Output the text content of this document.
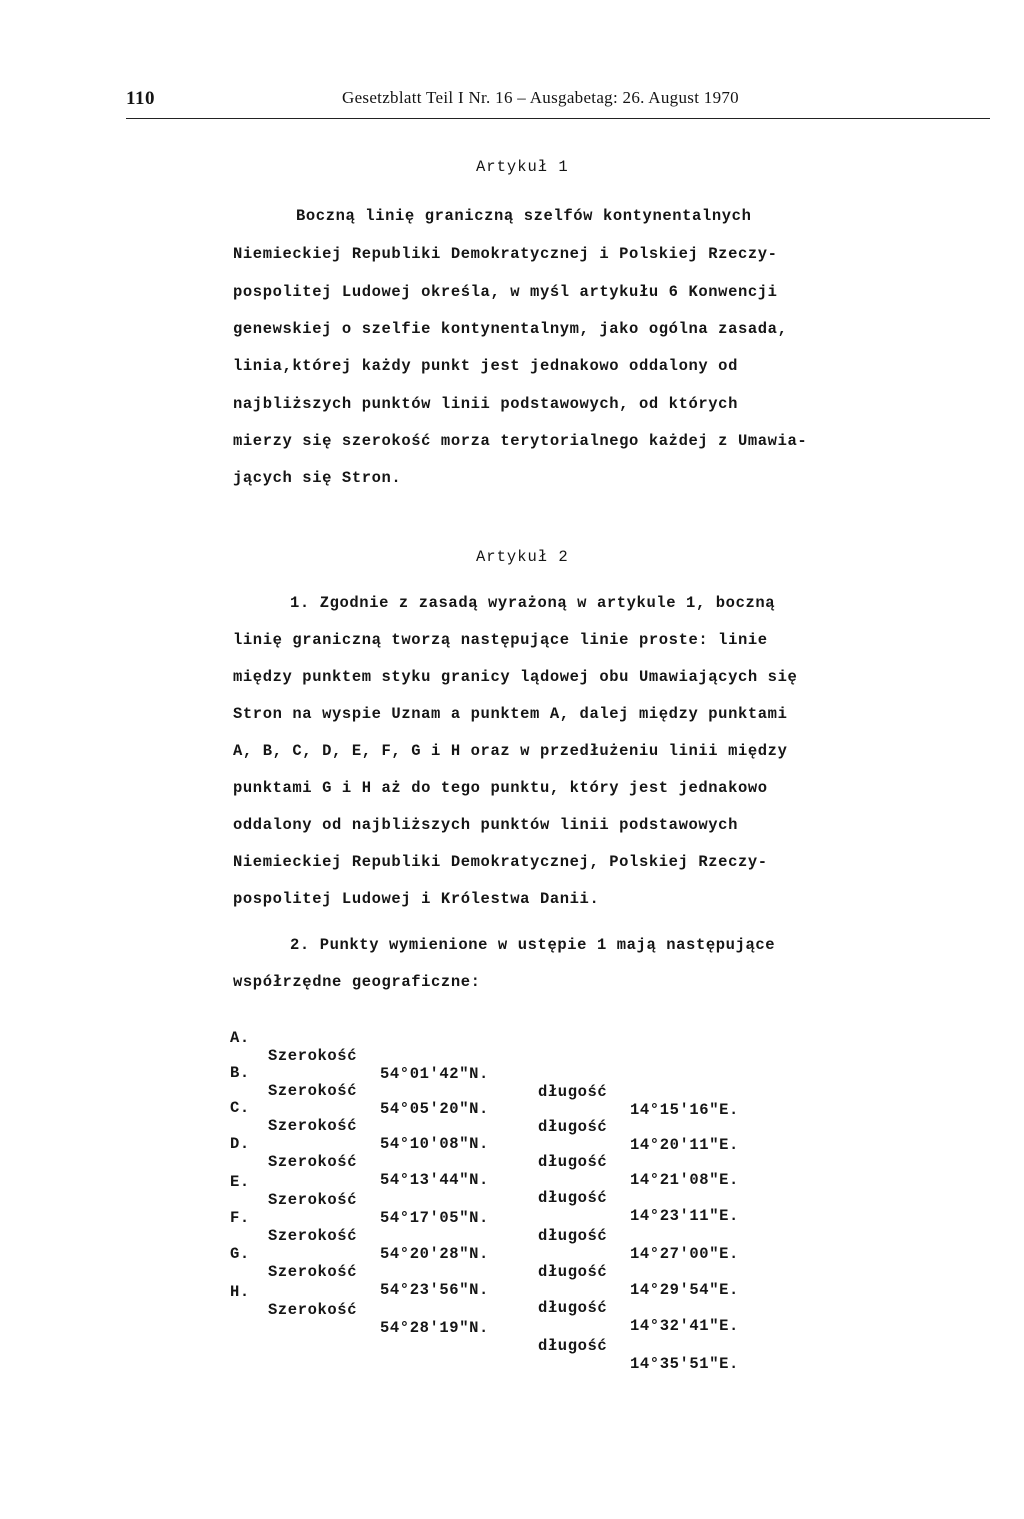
110	Gesetzblatt Teil I Nr. 16 – Ausgabetag: 26. August 1970
Artykuł 1
Boczną linię graniczną szelfów kontynentalnych
Niemieckiej Republiki Demokratycznej i Polskiej Rzeczy-
pospolitej Ludowej określa, w myśl artykułu 6 Konwencji
genewskiej o szelfie kontynentalnym, jako ogólna zasada,
linia,której każdy punkt jest jednakowo oddalony od
najbliższych punktów linii podstawowych, od których
mierzy się szerokość morza terytorialnego każdej z Umawia-
jących się Stron.
Artykuł 2
1. Zgodnie z zasadą wyrażoną w artykule 1, boczną
linię graniczną tworzą następujące linie proste: linie
między punktem styku granicy lądowej obu Umawiających się
Stron na wyspie Uznam a punktem A, dalej między punktami
A, B, C, D, E, F, G i H oraz w przedłużeniu linii między
punktami G i H aż do tego punktu, który jest jednakowo
oddalony od najbliższych punktów linii podstawowych
Niemieckiej Republiki Demokratycznej, Polskiej Rzeczy-
pospolitej Ludowej i Królestwa Danii.
2. Punkty wymienione w ustępie 1 mają następujące
współrzędne geograficzne:

A.

Szerokość

54°01'42"N.

długość

14°15'16"E.

B.

Szerokość

54°05'20"N.

długość

14°20'11"E.

C.

Szerokość

54°10'08"N.

długość

14°21'08"E.

D.

Szerokość

54°13'44"N.

długość

14°23'11"E.

E.

Szerokość

54°17'05"N.

długość

14°27'00"E.

F.

Szerokość

54°20'28"N.

długość

14°29'54"E.

G.

Szerokość

54°23'56"N.

długość

14°32'41"E.

H.

Szerokość

54°28'19"N.

długość

14°35'51"E.
